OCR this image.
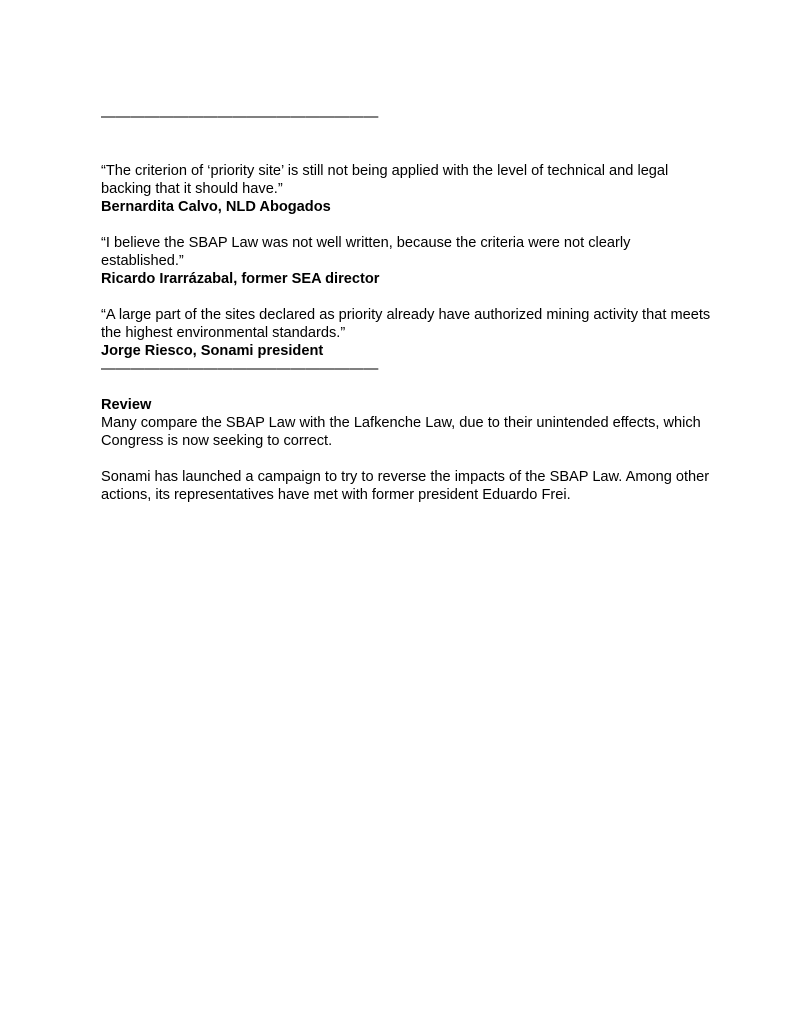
———————————————————

“The criterion of ‘priority site’ is still not being applied with the level of technical and legal backing that it should have.”

Bernardita Calvo, NLD Abogados

“I believe the SBAP Law was not well written, because the criteria were not clearly established.”

Ricardo Irarrázabal, former SEA director

“A large part of the sites declared as priority already have authorized mining activity that meets the highest environmental standards.”

Jorge Riesco, Sonami president

———————————————————

Review

Many compare the SBAP Law with the Lafkenche Law, due to their unintended effects, which Congress is now seeking to correct.

Sonami has launched a campaign to try to reverse the impacts of the SBAP Law. Among other actions, its representatives have met with former president Eduardo Frei.
